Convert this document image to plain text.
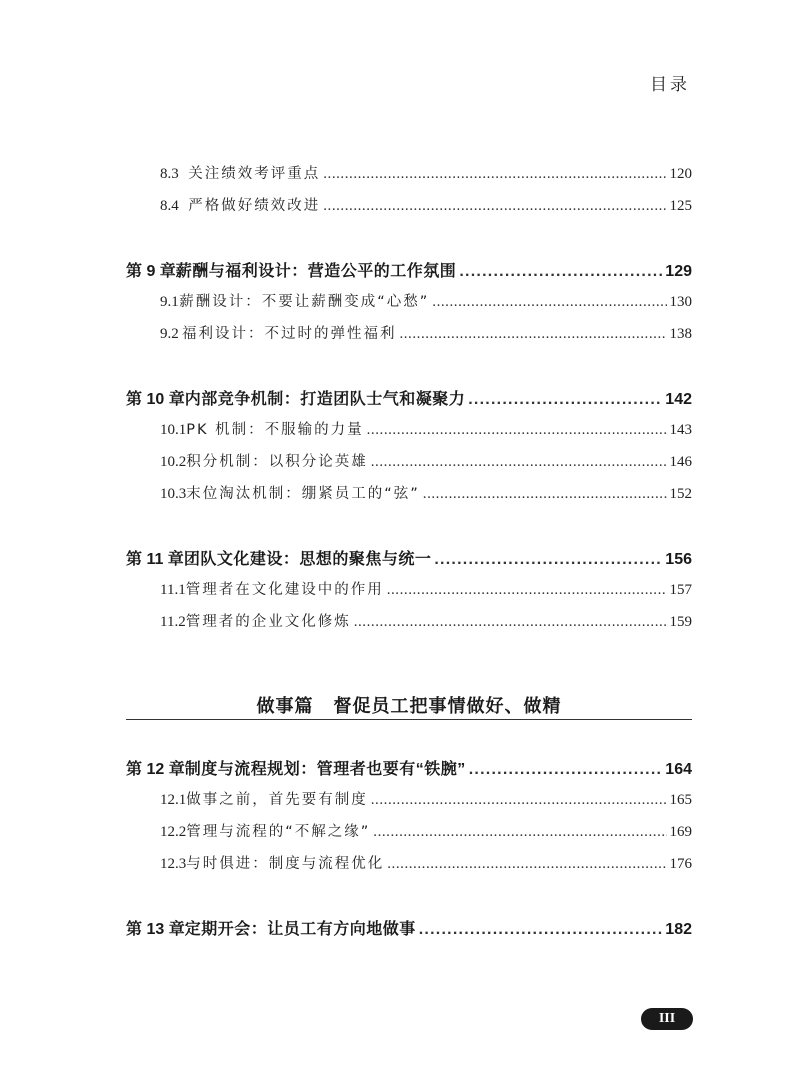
目录
8.3 关注绩效考评重点 . . .	120
8.4 严格做好绩效改进 . . .	125
第 9 章 薪酬与福利设计：营造公平的工作氛围 . . .	129
9.1 薪酬设计：不要让薪酬变成“心愁” . . .	130
9.2 福利设计：不过时的弹性福利 . . .	138
第 10 章 内部竞争机制：打造团队士气和凝聚力 . . .	142
10.1 PK 机制：不服输的力量 . . .	143
10.2 积分机制：以积分论英雄 . . .	146
10.3 末位淘汰机制：绷紧员工的“弦” . . .	152
第 11 章 团队文化建设：思想的聚焦与统一 . . .	156
11.1 管理者在文化建设中的作用 . . .	157
11.2 管理者的企业文化修炼 . . .	159
第 12 章 制度与流程规划：管理者也要有“铁腕” . . .	164
12.1 做事之前，首先要有制度 . . .	165
12.2 管理与流程的“不解之缘” . . .	169
12.3 与时俱进：制度与流程优化 . . .	176
第 13 章 定期开会：让员工有方向地做事 . . .	182
做事篇 督促员工把事情做好、做精
III
